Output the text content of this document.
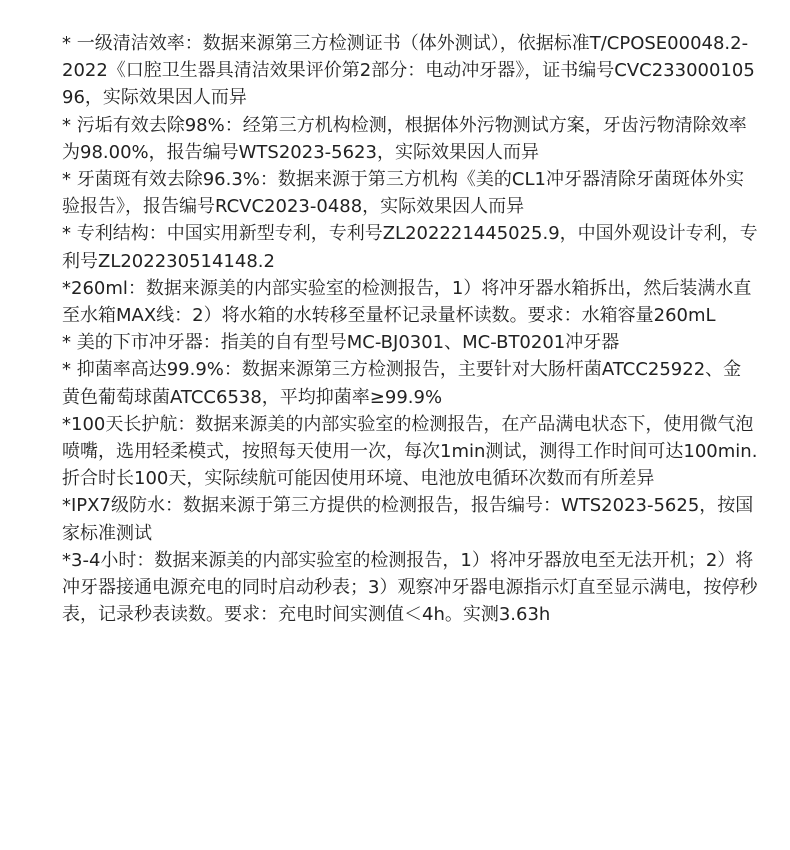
* 一级清洁效率：数据来源第三方检测证书（体外测试），依据标准T/CPOSE00048.2-2022《口腔卫生器具清洁效果评价第2部分：电动冲牙器》，证书编号CVC23300010596，实际效果因人而异

* 污垢有效去除98%：经第三方机构检测，根据体外污物测试方案，牙齿污物清除效率为98.00%，报告编号WTS2023-5623，实际效果因人而异

* 牙菌斑有效去除96.3%：数据来源于第三方机构《美的CL1冲牙器清除牙菌斑体外实验报告》，报告编号RCVC2023-0488，实际效果因人而异

* 专利结构：中国实用新型专利，专利号ZL202221445025.9，中国外观设计专利，专利号ZL202230514148.2

*260ml：数据来源美的内部实验室的检测报告，1）将冲牙器水箱拆出，然后装满水直至水箱MAX线：2）将水箱的水转移至量杯记录量杯读数。要求：水箱容量260mL

* 美的下市冲牙器：指美的自有型号MC-BJ0301、MC-BT0201冲牙器

* 抑菌率高达99.9%：数据来源第三方检测报告，主要针对大肠杆菌ATCC25922、金黄色葡萄球菌ATCC6538，平均抑菌率≥99.9%

*100天长护航：数据来源美的内部实验室的检测报告，在产品满电状态下，使用微气泡喷嘴，选用轻柔模式，按照每天使用一次，每次1min测试，测得工作时间可达100min.折合时长100天，实际续航可能因使用环境、电池放电循环次数而有所差异

*IPX7级防水：数据来源于第三方提供的检测报告，报告编号：WTS2023-5625，按国家标准测试

*3-4小时：数据来源美的内部实验室的检测报告，1）将冲牙器放电至无法开机；2）将冲牙器接通电源充电的同时启动秒表；3）观察冲牙器电源指示灯直至显示满电，按停秒表，记录秒表读数。要求：充电时间实测值＜4h。实测3.63h
